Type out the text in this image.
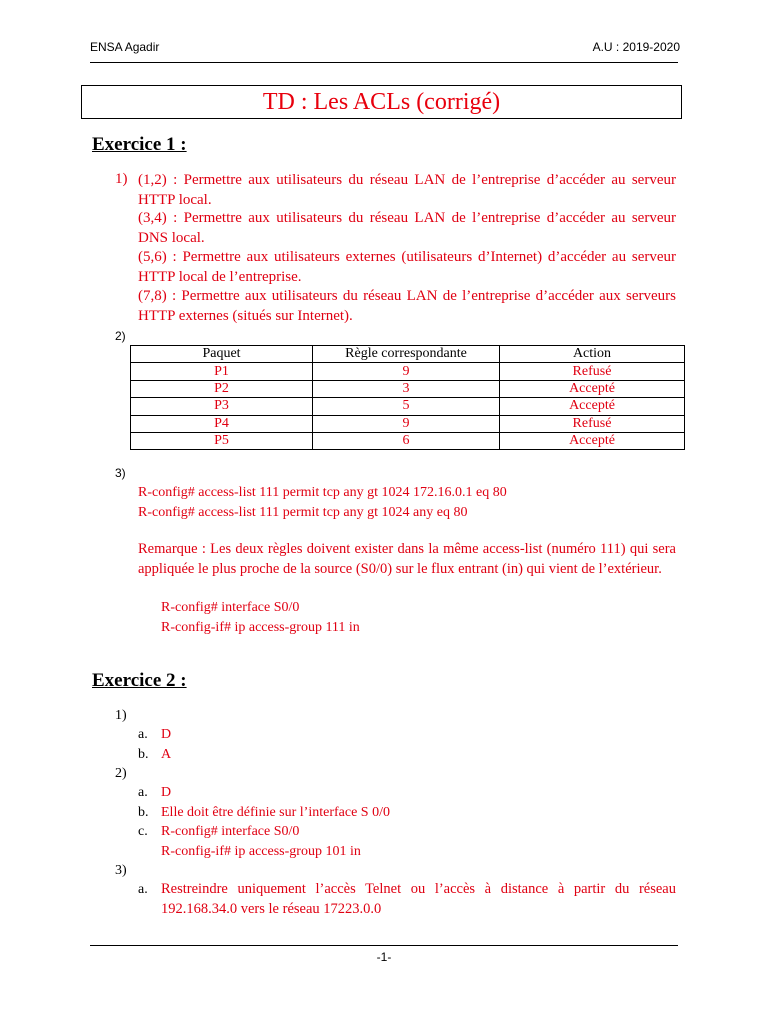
ENSA Agadir	A.U : 2019-2020
TD : Les ACLs (corrigé)
Exercice 1 :
1) (1,2) : Permettre aux utilisateurs du réseau LAN de l’entreprise d’accéder au serveur HTTP local.
(3,4) : Permettre aux utilisateurs du réseau LAN de l’entreprise d’accéder au serveur DNS local.
(5,6) : Permettre aux utilisateurs externes (utilisateurs d’Internet) d’accéder au serveur HTTP local de l’entreprise.
(7,8) : Permettre aux utilisateurs du réseau LAN de l’entreprise d’accéder aux serveurs HTTP externes (situés sur Internet).
2)
Paquet	Règle correspondante	Action
P1	9	Refusé
P2	3	Accepté
P3	5	Accepté
P4	9	Refusé
P5	6	Accepté
3)
R-config# access-list 111 permit tcp any gt 1024 172.16.0.1 eq 80
R-config# access-list 111 permit tcp any gt 1024 any eq 80
Remarque : Les deux règles doivent exister dans la même access-list (numéro 111) qui sera appliquée le plus proche de la source (S0/0) sur le flux entrant (in) qui vient de l’extérieur.
R-config# interface S0/0
R-config-if# ip access-group 111 in
Exercice 2 :
1)
a. D
b. A
2)
a. D
b. Elle doit être définie sur l’interface S 0/0
c. R-config# interface S0/0
R-config-if# ip access-group 101 in
3)
a. Restreindre uniquement l’accès Telnet ou l’accès à distance à partir du réseau 192.168.34.0 vers le réseau 17223.0.0
-1-
